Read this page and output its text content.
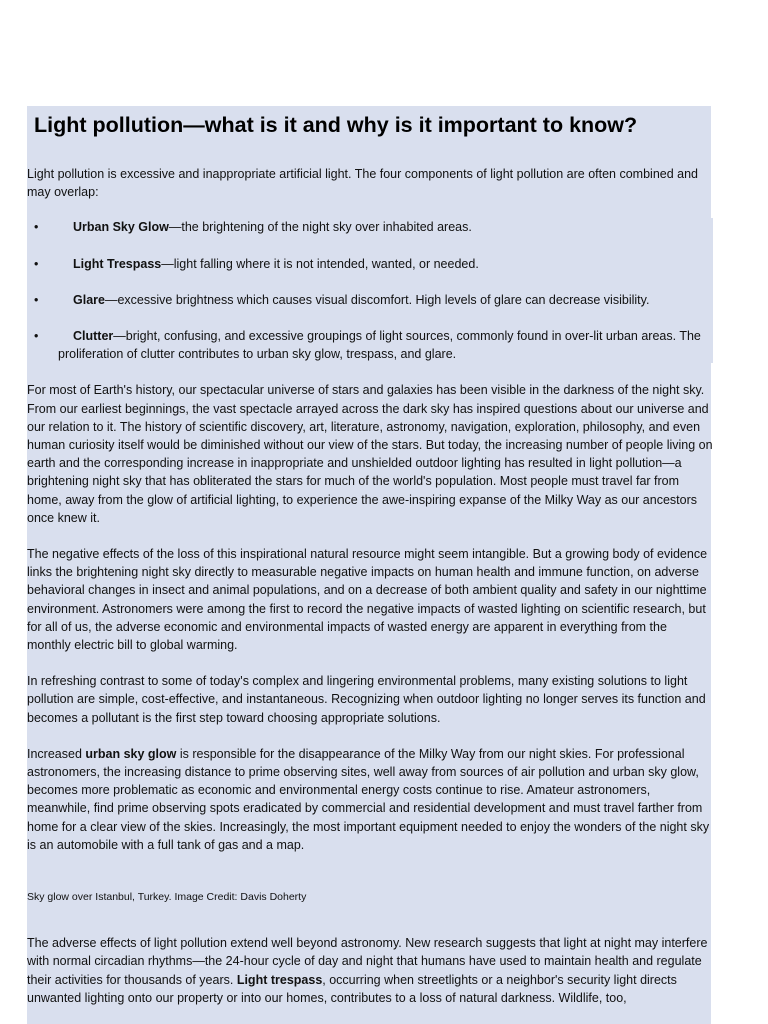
Light pollution—what is it and why is it important to know?

Light pollution is excessive and inappropriate artificial light. The four components of light pollution are often combined and may overlap:

•	Urban Sky Glow—the brightening of the night sky over inhabited areas.
•	Light Trespass—light falling where it is not intended, wanted, or needed.
•	Glare—excessive brightness which causes visual discomfort. High levels of glare can decrease visibility.
•	Clutter—bright, confusing, and excessive groupings of light sources, commonly found in over-lit urban areas. The proliferation of clutter contributes to urban sky glow, trespass, and glare.

For most of Earth's history, our spectacular universe of stars and galaxies has been visible in the darkness of the night sky. From our earliest beginnings, the vast spectacle arrayed across the dark sky has inspired questions about our universe and our relation to it. The history of scientific discovery, art, literature, astronomy, navigation, exploration, philosophy, and even human curiosity itself would be diminished without our view of the stars. But today, the increasing number of people living on earth and the corresponding increase in inappropriate and unshielded outdoor lighting has resulted in light pollution—a brightening night sky that has obliterated the stars for much of the world's population. Most people must travel far from home, away from the glow of artificial lighting, to experience the awe-inspiring expanse of the Milky Way as our ancestors once knew it.

The negative effects of the loss of this inspirational natural resource might seem intangible. But a growing body of evidence links the brightening night sky directly to measurable negative impacts on human health and immune function, on adverse behavioral changes in insect and animal populations, and on a decrease of both ambient quality and safety in our nighttime environment. Astronomers were among the first to record the negative impacts of wasted lighting on scientific research, but for all of us, the adverse economic and environmental impacts of wasted energy are apparent in everything from the monthly electric bill to global warming.

In refreshing contrast to some of today's complex and lingering environmental problems, many existing solutions to light pollution are simple, cost-effective, and instantaneous. Recognizing when outdoor lighting no longer serves its function and becomes a pollutant is the first step toward choosing appropriate solutions.

Increased urban sky glow is responsible for the disappearance of the Milky Way from our night skies. For professional astronomers, the increasing distance to prime observing sites, well away from sources of air pollution and urban sky glow, becomes more problematic as economic and environmental energy costs continue to rise. Amateur astronomers, meanwhile, find prime observing spots eradicated by commercial and residential development and must travel farther from home for a clear view of the skies. Increasingly, the most important equipment needed to enjoy the wonders of the night sky is an automobile with a full tank of gas and a map.

Sky glow over Istanbul, Turkey. Image Credit: Davis Doherty

The adverse effects of light pollution extend well beyond astronomy. New research suggests that light at night may interfere with normal circadian rhythms—the 24-hour cycle of day and night that humans have used to maintain health and regulate their activities for thousands of years. Light trespass, occurring when streetlights or a neighbor's security light directs unwanted lighting onto our property or into our homes, contributes to a loss of natural darkness. Wildlife, too,
